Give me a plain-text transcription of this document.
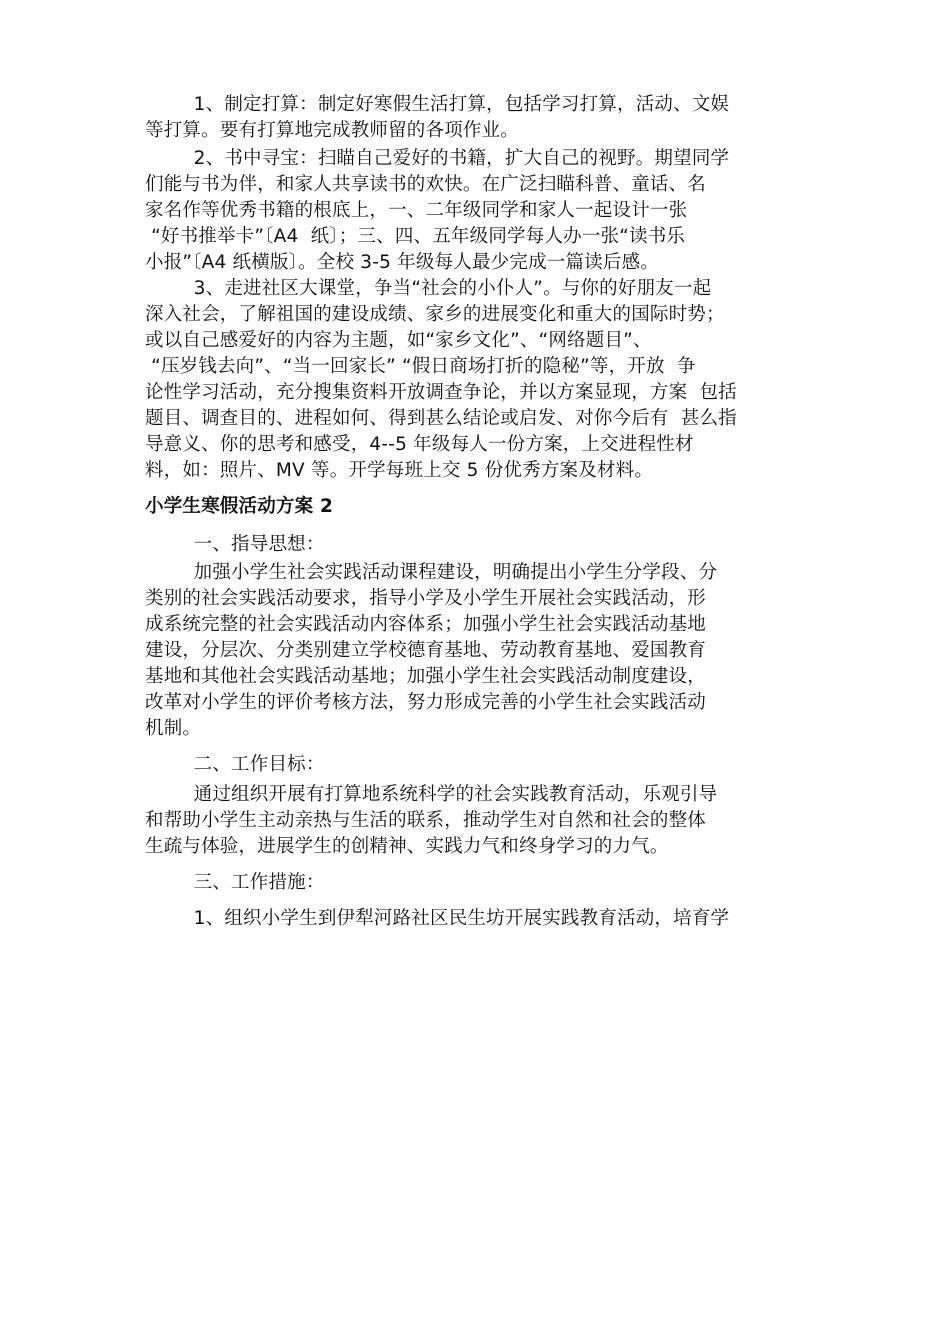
1、制定打算：制定好寒假生活打算，包括学习打算，活动、文娱
等打算。要有打算地完成教师留的各项作业。
2、书中寻宝：扫瞄自己爱好的书籍，扩大自己的视野。期望同学
们能与书为伴，和家人共享读书的欢快。在广泛扫瞄科普、童话、名
家名作等优秀书籍的根底上，一、二年级同学和家人一起设计一张
“好书推举卡”〔A4  纸〕；三、四、五年级同学每人办一张“读书乐
小报”〔A4 纸横版〕。全校 3-5 年级每人最少完成一篇读后感。
3、走进社区大课堂，争当“社会的小仆人”。与你的好朋友一起
深入社会，了解祖国的建设成绩、家乡的进展变化和重大的国际时势；
或以自己感爱好的内容为主题，如“家乡文化”、“网络题目”、
“压岁钱去向”、“当一回家长” “假日商场打折的隐秘”等，开放  争
论性学习活动，充分搜集资料开放调查争论，并以方案显现，方案  包括
题目、调查目的、进程如何、得到甚么结论或启发、对你今后有  甚么指
导意义、你的思考和感受，4--5 年级每人一份方案，上交进程性材
料，如：照片、MV 等。开学每班上交 5 份优秀方案及材料。
小学生寒假活动方案 2
一、指导思想：
加强小学生社会实践活动课程建设，明确提出小学生分学段、分
类别的社会实践活动要求，指导小学及小学生开展社会实践活动，形
成系统完整的社会实践活动内容体系；加强小学生社会实践活动基地
建设，分层次、分类别建立学校德育基地、劳动教育基地、爱国教育
基地和其他社会实践活动基地；加强小学生社会实践活动制度建设，
改革对小学生的评价考核方法，努力形成完善的小学生社会实践活动
机制。
二、工作目标：
通过组织开展有打算地系统科学的社会实践教育活动，乐观引导
和帮助小学生主动亲热与生活的联系，推动学生对自然和社会的整体
生疏与体验，进展学生的创精神、实践力气和终身学习的力气。
三、工作措施：
1、组织小学生到伊犁河路社区民生坊开展实践教育活动，培育学
